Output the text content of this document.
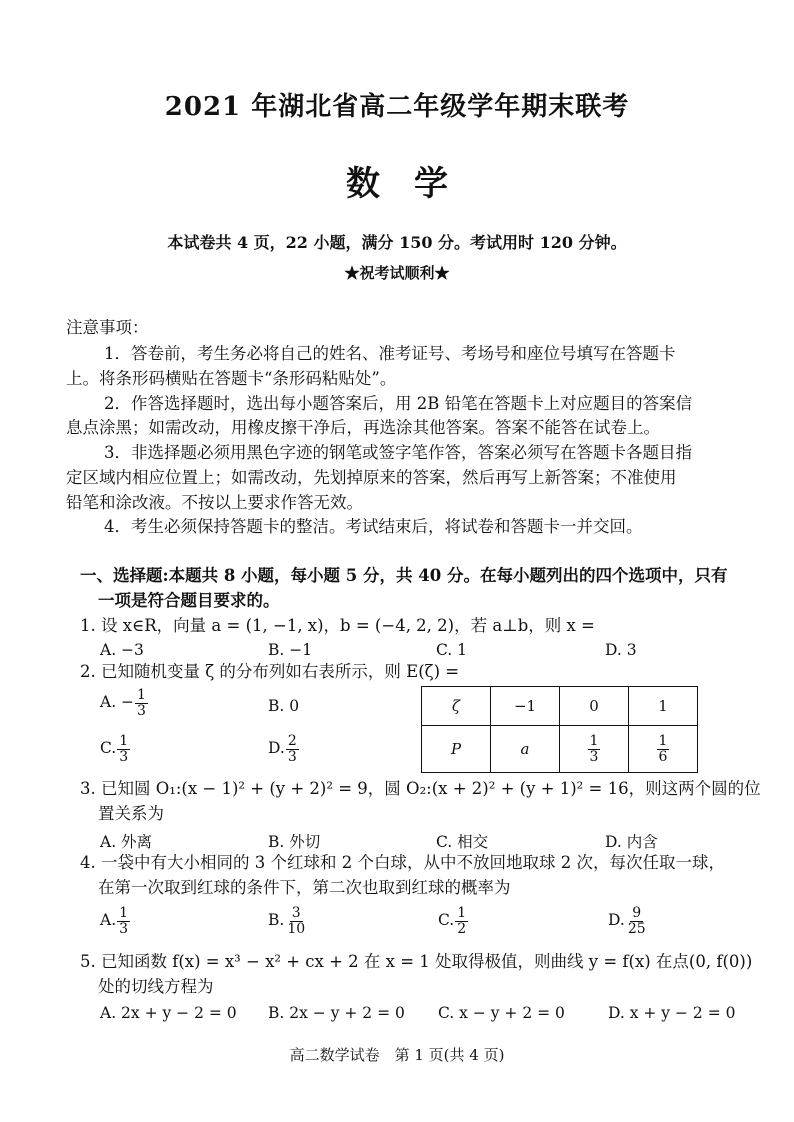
2021 年湖北省高二年级学年期末联考
数学
本试卷共 4 页，22 小题，满分 150 分。考试用时 120 分钟。
★祝考试顺利★
注意事项：
1．答卷前，考生务必将自己的姓名、准考证号、考场号和座位号填写在答题卡
上。将条形码横贴在答题卡“条形码粘贴处”。
2．作答选择题时，选出每小题答案后，用 2B 铅笔在答题卡上对应题目的答案信
息点涂黑；如需改动，用橡皮擦干净后，再选涂其他答案。答案不能答在试卷上。
3．非选择题必须用黑色字迹的钢笔或签字笔作答，答案必须写在答题卡各题目指
定区域内相应位置上；如需改动，先划掉原来的答案，然后再写上新答案；不准使用
铅笔和涂改液。不按以上要求作答无效。
4．考生必须保持答题卡的整洁。考试结束后，将试卷和答题卡一并交回。
一、选择题:本题共 8 小题，每小题 5 分，共 40 分。在每小题列出的四个选项中，只有
一项是符合题目要求的。
1. 设 x∈R，向量 a = (1, −1, x)，b = (−4, 2, 2)，若 a⊥b，则 x =
A. −3	B. −1	C. 1	D. 3
2. 已知随机变量 ζ 的分布列如右表所示，则 E(ζ) =
A. − $\frac{1}{3}$	B. 0
C. $\frac{1}{3}$	D. $\frac{2}{3}$
ζ	−1	0	1
P	a	$\frac{1}{3}$	$\frac{1}{6}$
3. 已知圆 O₁:(x − 1)² + (y + 2)² = 9，圆 O₂:(x + 2)² + (y + 1)² = 16，则这两个圆的位
置关系为
A. 外离	B. 外切	C. 相交	D. 内含
4. 一袋中有大小相同的 3 个红球和 2 个白球，从中不放回地取球 2 次，每次任取一球，
在第一次取到红球的条件下，第二次也取到红球的概率为
A. $\frac{1}{3}$	B. $\frac{3}{10}$	C. $\frac{1}{2}$	D. $\frac{9}{25}$
5. 已知函数 f(x) = x³ − x² + cx + 2 在 x = 1 处取得极值，则曲线 y = f(x) 在点(0, f(0))
处的切线方程为
A. 2x + y − 2 = 0 B. 2x − y + 2 = 0 C. x − y + 2 = 0	D. x + y − 2 = 0
高二数学试卷　第 1 页(共 4 页)
